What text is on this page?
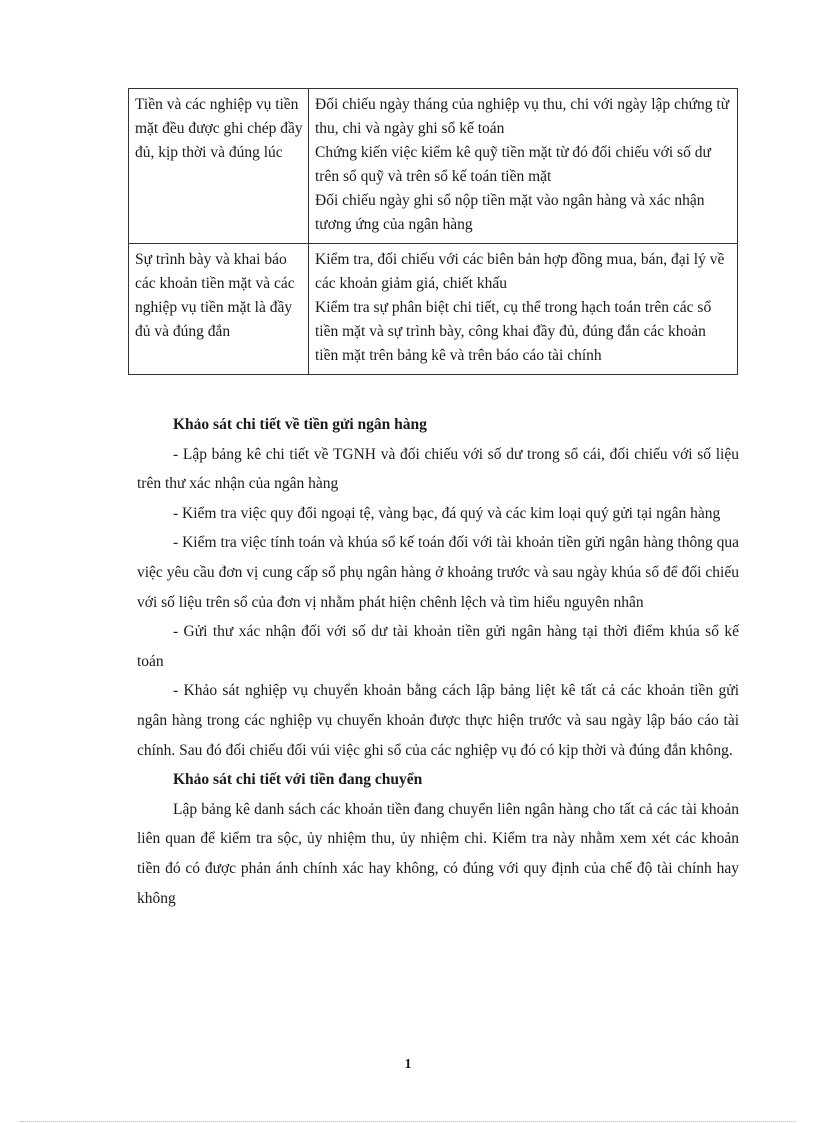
Tiền và các nghiệp vụ tiền mặt đều được ghi chép đầy đủ, kịp thời và đúng lúc	Đối chiếu ngày tháng của nghiệp vụ thu, chi với ngày lập chứng từ thu, chi và ngày ghi sổ kế toán

Chứng kiến việc kiểm kê quỹ tiền mặt từ đó đối chiếu với số dư trên sổ quỹ và trên sổ kế toán tiền mặt

Đối chiếu ngày ghi sổ nộp tiền mặt vào ngân hàng và xác nhận tương ứng của ngân hàng

Sự trình bày và khai báo các khoản tiền mặt và các nghiệp vụ tiền mặt là đầy đủ và đúng đắn	Kiểm tra, đối chiếu với các biên bản hợp đồng mua, bán, đại lý về các khoản giảm giá, chiết khấu

Kiểm tra sự phân biệt chi tiết, cụ thể trong hạch toán trên các sổ tiền mặt và sự trình bày, công khai đầy đủ, đúng đắn các khoản tiền mặt trên bảng kê và trên báo cáo tài chính

Khảo sát chi tiết về tiền gửi ngân hàng

- Lập bảng kê chi tiết về TGNH và đối chiếu với số dư trong sổ cái, đối chiếu với số liệu trên thư xác nhận của ngân hàng

- Kiểm tra việc quy đổi ngoại tệ, vàng bạc, đá quý và các kim loại quý gửi tại ngân hàng

- Kiểm tra việc tính toán và khúa sổ kế toán đối với tài khoản tiền gửi ngân hàng thông qua việc yêu cầu đơn vị cung cấp sổ phụ ngân hàng ở khoảng trước và sau ngày khúa sổ để đối chiếu với số liệu trên sổ của đơn vị nhằm phát hiện chênh lệch và tìm hiểu nguyên nhân

- Gửi thư xác nhận đối với số dư tài khoản tiền gửi ngân hàng tại thời điểm khúa sổ kế toán

- Khảo sát nghiệp vụ chuyển khoản bằng cách lập bảng liệt kê tất cả các khoản tiền gửi ngân hàng trong các nghiệp vụ chuyển khoản được thực hiện trước và sau ngày lập báo cáo tài chính. Sau đó đối chiếu đối vúi việc ghi sổ của các nghiệp vụ đó có kịp thời và đúng đắn không.

Khảo sát chi tiết với tiền đang chuyển

Lập bảng kê danh sách các khoản tiền đang chuyển liên ngân hàng cho tất cả các tài khoản liên quan để kiểm tra sộc, ủy nhiệm thu, ủy nhiệm chi. Kiểm tra này nhằm xem xét các khoản tiền đó có được phản ánh chính xác hay không, có đúng với quy định của chế độ tài chính hay không

1
